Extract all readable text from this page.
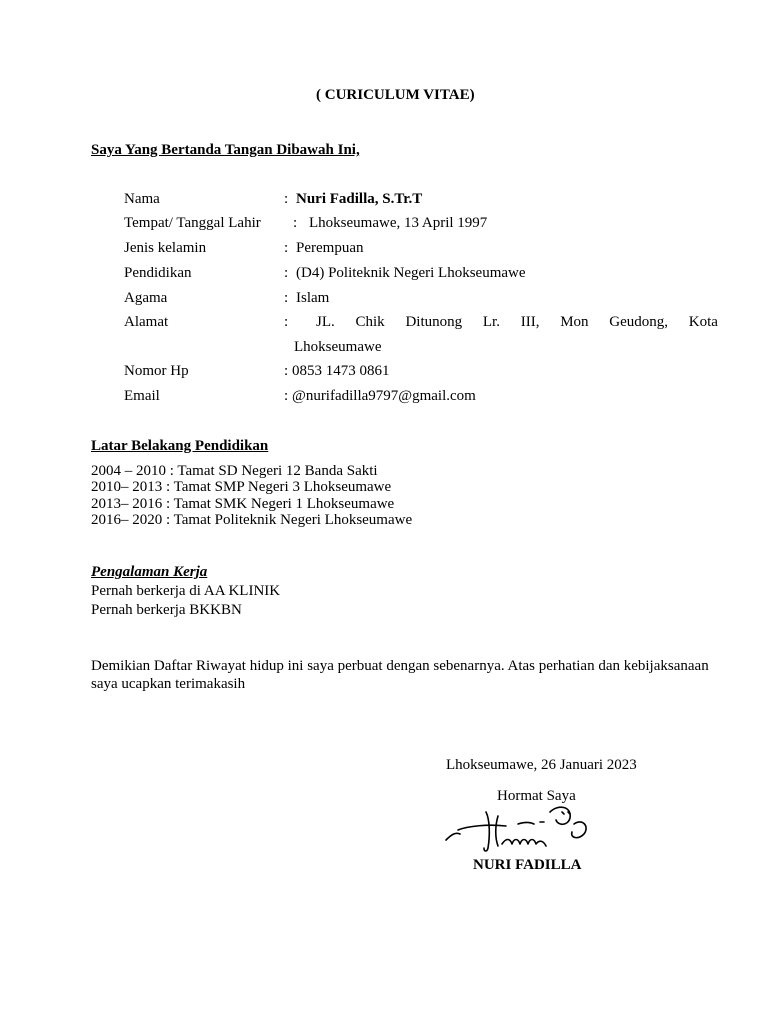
( CURICULUM VITAE)
Saya Yang Bertanda Tangan Dibawah Ini,
Nama	: Nuri Fadilla, S.Tr.T
Tempat/ Tanggal Lahir : Lhokseumawe, 13 April 1997
Jenis kelamin	: Perempuan
Pendidikan	: (D4) Politeknik Negeri Lhokseumawe
Agama	: Islam
Alamat	: JL. Chik Ditunong Lr. III, Mon Geudong, Kota
Lhokseumawe
Nomor Hp	: 0853 1473 0861
Email	: @nurifadilla9797@gmail.com
Latar Belakang Pendidikan
2004 – 2010 : Tamat SD Negeri 12 Banda Sakti
2010– 2013 : Tamat SMP Negeri 3 Lhokseumawe
2013– 2016 : Tamat SMK Negeri 1 Lhokseumawe
2016– 2020 : Tamat Politeknik Negeri Lhokseumawe
Pengalaman Kerja
Pernah berkerja di AA KLINIK
Pernah berkerja BKKBN
Demikian Daftar Riwayat hidup ini saya perbuat dengan sebenarnya. Atas perhatian dan kebijaksanaan saya ucapkan terimakasih
Lhokseumawe, 26 Januari 2023
Hormat Saya
NURI FADILLA
